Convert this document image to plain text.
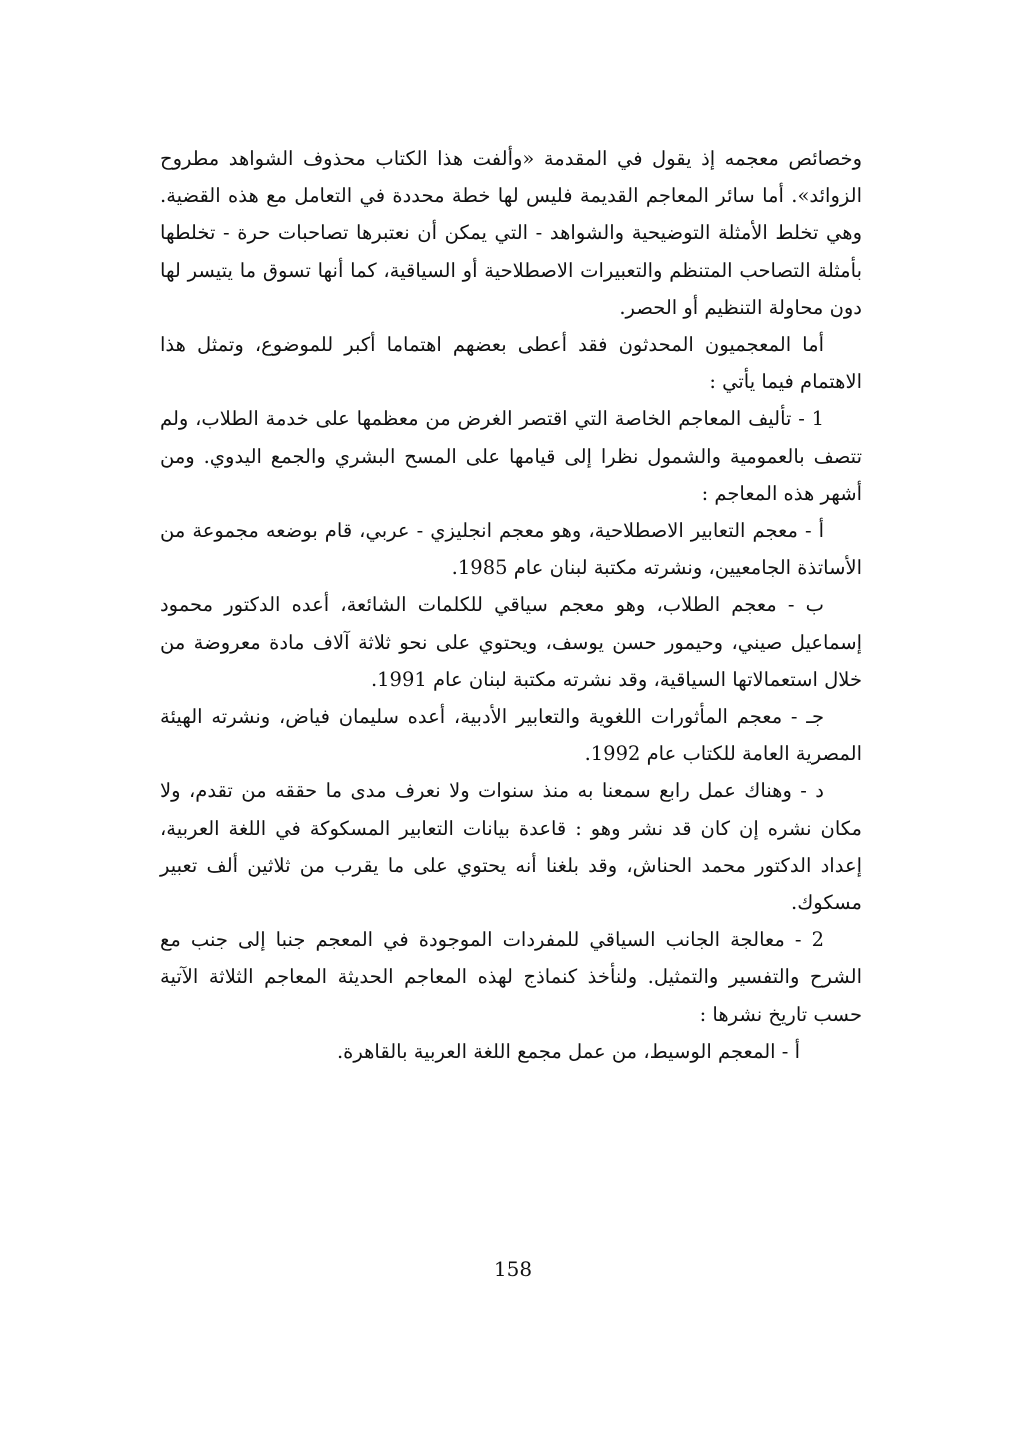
وخصائص معجمه إذ يقول في المقدمة «وألفت هذا الكتاب محذوف الشواهد مطروح الزوائد». أما سائر المعاجم القديمة فليس لها خطة محددة في التعامل مع هذه القضية. وهي تخلط الأمثلة التوضيحية والشواهد - التي يمكن أن نعتبرها تصاحبات حرة - تخلطها بأمثلة التصاحب المتنظم والتعبيرات الاصطلاحية أو السياقية، كما أنها تسوق ما يتيسر لها دون محاولة التنظيم أو الحصر.

أما المعجميون المحدثون فقد أعطى بعضهم اهتماما أكبر للموضوع، وتمثل هذا الاهتمام فيما يأتي :

1 - تأليف المعاجم الخاصة التي اقتصر الغرض من معظمها على خدمة الطلاب، ولم تتصف بالعمومية والشمول نظرا إلى قيامها على المسح البشري والجمع اليدوي. ومن أشهر هذه المعاجم :

أ - معجم التعابير الاصطلاحية، وهو معجم انجليزي - عربي، قام بوضعه مجموعة من الأساتذة الجامعيين، ونشرته مكتبة لبنان عام 1985.

ب - معجم الطلاب، وهو معجم سياقي للكلمات الشائعة، أعده الدكتور محمود إسماعيل صيني، وحيمور حسن يوسف، ويحتوي على نحو ثلاثة آلاف مادة معروضة من خلال استعمالاتها السياقية، وقد نشرته مكتبة لبنان عام 1991.

جـ - معجم المأثورات اللغوية والتعابير الأدبية، أعده سليمان فياض، ونشرته الهيئة المصرية العامة للكتاب عام 1992.

د - وهناك عمل رابع سمعنا به منذ سنوات ولا نعرف مدى ما حققه من تقدم، ولا مكان نشره إن كان قد نشر وهو : قاعدة بيانات التعابير المسكوكة في اللغة العربية، إعداد الدكتور محمد الحناش، وقد بلغنا أنه يحتوي على ما يقرب من ثلاثين ألف تعبير مسكوك.

2 - معالجة الجانب السياقي للمفردات الموجودة في المعجم جنبا إلى جنب مع الشرح والتفسير والتمثيل. ولنأخذ كنماذج لهذه المعاجم الحديثة المعاجم الثلاثة الآتية حسب تاريخ نشرها :

أ - المعجم الوسيط، من عمل مجمع اللغة العربية بالقاهرة.

158
